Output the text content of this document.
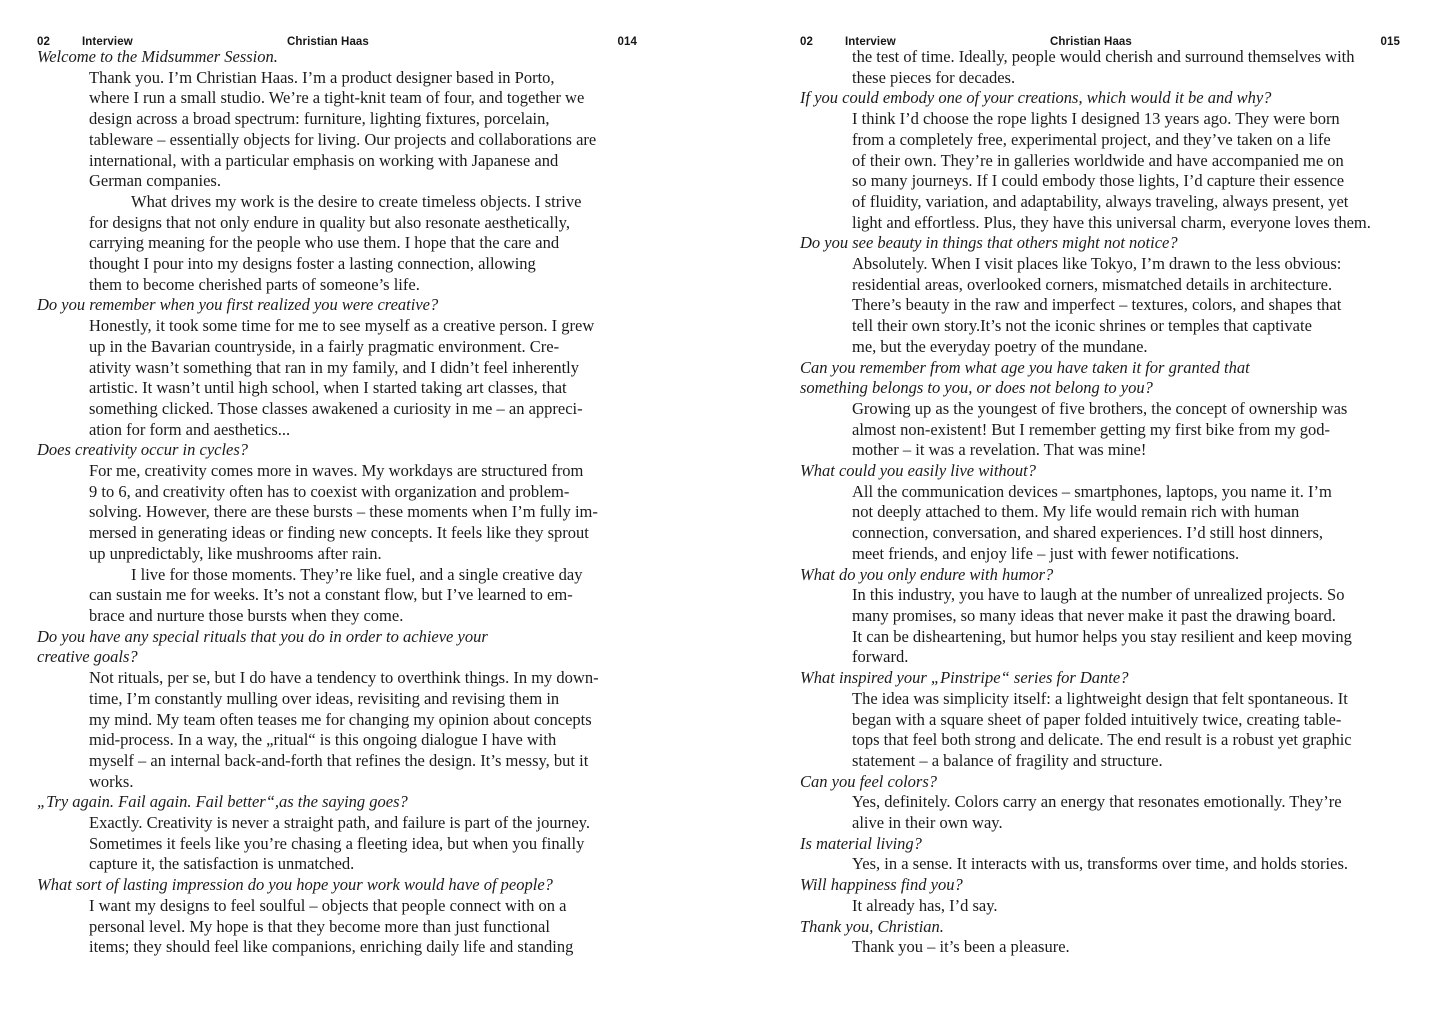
02	Interview	Christian Haas	014
Welcome to the Midsummer Session.
Thank you. I’m Christian Haas. I’m a product designer based in Porto,
where I run a small studio. We’re a tight-knit team of four, and together we
design across a broad spectrum: furniture, lighting fixtures, porcelain,
tableware – essentially objects for living. Our projects and collaborations are
international, with a particular emphasis on working with Japanese and
German companies.
What drives my work is the desire to create timeless objects. I strive
for designs that not only endure in quality but also resonate aesthetically,
carrying meaning for the people who use them. I hope that the care and
thought I pour into my designs foster a lasting connection, allowing
them to become cherished parts of someone’s life.
Do you remember when you first realized you were creative?
Honestly, it took some time for me to see myself as a creative person. I grew
up in the Bavarian countryside, in a fairly pragmatic environment. Cre-
ativity wasn’t something that ran in my family, and I didn’t feel inherently
artistic. It wasn’t until high school, when I started taking art classes, that
something clicked. Those classes awakened a curiosity in me – an appreci-
ation for form and aesthetics...
Does creativity occur in cycles?
For me, creativity comes more in waves. My workdays are structured from
9 to 6, and creativity often has to coexist with organization and problem-
solving. However, there are these bursts – these moments when I’m fully im-
mersed in generating ideas or finding new concepts. It feels like they sprout
up unpredictably, like mushrooms after rain.
I live for those moments. They’re like fuel, and a single creative day
can sustain me for weeks. It’s not a constant flow, but I’ve learned to em-
brace and nurture those bursts when they come.
Do you have any special rituals that you do in order to achieve your
creative goals?
Not rituals, per se, but I do have a tendency to overthink things. In my down-
time, I’m constantly mulling over ideas, revisiting and revising them in
my mind. My team often teases me for changing my opinion about concepts
mid-process. In a way, the „ritual“ is this ongoing dialogue I have with
myself – an internal back-and-forth that refines the design. It’s messy, but it
works.
„Try again. Fail again. Fail better“,as the saying goes?
Exactly. Creativity is never a straight path, and failure is part of the journey.
Sometimes it feels like you’re chasing a fleeting idea, but when you finally
capture it, the satisfaction is unmatched.
What sort of lasting impression do you hope your work would have of people?
I want my designs to feel soulful – objects that people connect with on a
personal level. My hope is that they become more than just functional
items; they should feel like companions, enriching daily life and standing
02	Interview	Christian Haas	015
the test of time. Ideally, people would cherish and surround themselves with
these pieces for decades.
If you could embody one of your creations, which would it be and why?
I think I’d choose the rope lights I designed 13 years ago. They were born
from a completely free, experimental project, and they’ve taken on a life
of their own. They’re in galleries worldwide and have accompanied me on
so many journeys. If I could embody those lights, I’d capture their essence
of fluidity, variation, and adaptability, always traveling, always present, yet
light and effortless. Plus, they have this universal charm, everyone loves them.
Do you see beauty in things that others might not notice?
Absolutely. When I visit places like Tokyo, I’m drawn to the less obvious:
residential areas, overlooked corners, mismatched details in architecture.
There’s beauty in the raw and imperfect – textures, colors, and shapes that
tell their own story.It’s not the iconic shrines or temples that captivate
me, but the everyday poetry of the mundane.
Can you remember from what age you have taken it for granted that
something belongs to you, or does not belong to you?
Growing up as the youngest of five brothers, the concept of ownership was
almost non-existent! But I remember getting my first bike from my god-
mother – it was a revelation. That was mine!
What could you easily live without?
All the communication devices – smartphones, laptops, you name it. I’m
not deeply attached to them. My life would remain rich with human
connection, conversation, and shared experiences. I’d still host dinners,
meet friends, and enjoy life – just with fewer notifications.
What do you only endure with humor?
In this industry, you have to laugh at the number of unrealized projects. So
many promises, so many ideas that never make it past the drawing board.
It can be disheartening, but humor helps you stay resilient and keep moving
forward.
What inspired your „Pinstripe“ series for Dante?
The idea was simplicity itself: a lightweight design that felt spontaneous. It
began with a square sheet of paper folded intuitively twice, creating table-
tops that feel both strong and delicate. The end result is a robust yet graphic
statement – a balance of fragility and structure.
Can you feel colors?
Yes, definitely. Colors carry an energy that resonates emotionally. They’re
alive in their own way.
Is material living?
Yes, in a sense. It interacts with us, transforms over time, and holds stories.
Will happiness find you?
It already has, I’d say.
Thank you, Christian.
Thank you – it’s been a pleasure.
